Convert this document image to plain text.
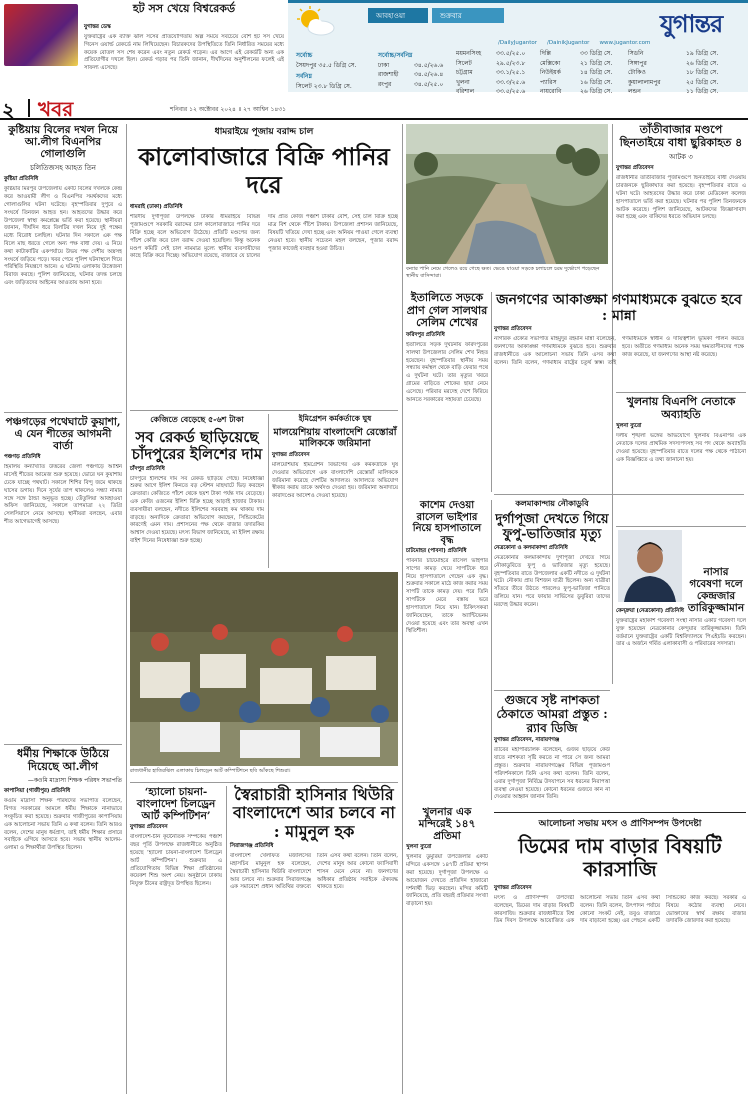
হট সস খেয়ে বিশ্বরেকর্ড
যুগান্তর ডেস্ক
যুক্তরাষ্ট্রের এক ব্যক্তি ঝাল সসের প্রতিযোগিতায় অল্প সময়ে সবচেয়ে বেশি হট সস খেয়ে গিনেস ওয়ার্ল্ড রেকর্ডে নাম লিখিয়েছেন। বিচারকদের উপস্থিতিতে তিনি নির্ধারিত সময়ের মধ্যে কয়েক বোতল সস শেষ করেন এবং নতুন রেকর্ড গড়েন। এর আগে এই রেকর্ডটি অন্য এক প্রতিযোগীর দখলে ছিল। রেকর্ড গড়ার পর তিনি জানান, দীর্ঘদিনের অনুশীলনের ফলেই এই সাফল্য এসেছে।
আবহাওয়া	শুক্রবার	যুগান্তর
/DailyJugantor /DainikJugantor www.jugantor.com
সর্বোচ্চ
সৈয়দপুর ৩৫.৫ ডিগ্রি সে.
সর্বনিম্ন
সিলেট ২৩.৮ ডিগ্রি সে.
সর্বোচ্চ/সর্বনিম্ন
ঢাকা	৩৪.৫/২৬.৬
রাজশাহী	৩৪.৫/২৬.৪
রংপুর	৩৪.৫/২৫.০
ময়মনসিংহ	৩৩.৫/২৫.০
সিলেট	২৯.৫/২৩.৮
চট্টগ্রাম	৩৩.১/২৫.১
খুলনা	৩৩.৩/২৫.৬
বরিশাল	৩৩.৫/২৫.৬
দিল্লি	৩৩ ডিগ্রি সে.
মেক্সিকো	২১ ডিগ্রি সে.
নিউইয়র্ক	১৪ ডিগ্রি সে.
প্যারিস	১৬ ডিগ্রি সে.
নায়রোবি	২৬ ডিগ্রি সে.
সিডনি	১৯ ডিগ্রি সে.
সিঙ্গাপুর	২৬ ডিগ্রি সে.
টোকিও	১৮ ডিগ্রি সে.
কুয়ালালামপুর	২৫ ডিগ্রি সে.
লন্ডন	১১ ডিগ্রি সে.
২ খবর	শনিবার ১২ অক্টোবর ২০২৪ ॥ ২৭ আশ্বিন ১৪৩১
কুষ্টিয়ায় বিলের দখল নিয়ে আ.লীগ বিএনপির গোলাগুলি
চলিতিজসহ আহত তিন
কুষ্টিয়া প্রতিনিধি
কুষ্টিয়ার মিরপুর উপজেলায় একটি বিলের দখলকে কেন্দ্র করে আওয়ামী লীগ ও বিএনপির সমর্থকদের মধ্যে গোলাগুলির ঘটনা ঘটেছে। বৃহস্পতিবার দুপুরে এ সংঘর্ষে তিনজন আহত হন। আহতদের উদ্ধার করে উপজেলা স্বাস্থ্য কমপ্লেক্সে ভর্তি করা হয়েছে। স্থানীয়রা জানান, দীর্ঘদিন ধরে বিলটির দখল নিয়ে দুই পক্ষের মধ্যে বিরোধ চলছিল। ঘটনার দিন সকালে এক পক্ষ বিলে মাছ ধরতে গেলে অন্য পক্ষ বাধা দেয়। এ নিয়ে কথা কাটাকাটির একপর্যায়ে উভয় পক্ষ দেশীয় অস্ত্রসহ সংঘর্ষে জড়িয়ে পড়ে। খবর পেয়ে পুলিশ ঘটনাস্থলে গিয়ে পরিস্থিতি নিয়ন্ত্রণে আনে। এ ঘটনায় এলাকায় উত্তেজনা বিরাজ করছে। পুলিশ জানিয়েছে, ঘটনার তদন্ত চলছে এবং জড়িতদের আইনের আওতায় আনা হবে।
পঞ্চগড়ের পথেঘাটে কুয়াশা, এ যেন শীতের আগমনী বার্তা
পঞ্চগড় প্রতিনিধি
হিমালয় কন্যাখ্যাত উত্তরের জেলা পঞ্চগড়ে আশ্বিন মাসেই শীতের আমেজ শুরু হয়েছে। ভোরে ঘন কুয়াশায় ঢেকে যাচ্ছে পথঘাট। সকালে শিশির বিন্দু জমে থাকছে ঘাসের ডগায়। দিনে সূর্যের তাপ থাকলেও সন্ধ্যা নামার সঙ্গে সঙ্গে ঠান্ডা অনুভূত হচ্ছে। তেঁতুলিয়া আবহাওয়া অফিস জানিয়েছে, সকালে তাপমাত্রা ২২ ডিগ্রি সেলসিয়াসে নেমে আসছে। স্থানীয়রা বলছেন, এবার শীত আগেভাগেই আসছে।
ধর্মীয় শিক্ষাকে উঠিয়ে দিয়েছে আ.লীগ
—কওমি মাদ্রাসা শিক্ষক পরিষদ সভাপতি
কাপাসিয়া (গাজীপুর) প্রতিনিধি
কওমি মাদ্রাসা শিক্ষক পরিষদের সভাপতি বলেছেন, বিগত সরকারের আমলে ধর্মীয় শিক্ষাকে নানাভাবে সংকুচিত করা হয়েছে। শুক্রবার গাজীপুরের কাপাসিয়ায় এক আলোচনা সভায় তিনি এ কথা বলেন। তিনি আরও বলেন, দেশের মানুষ ধর্মপ্রাণ, তাই ধর্মীয় শিক্ষার প্রসারে সবাইকে এগিয়ে আসতে হবে। সভায় স্থানীয় আলেম-ওলামা ও শিক্ষার্থীরা উপস্থিত ছিলেন।
ধামরাইয়ে পূজায় বরাদ্দ চাল
কালোবাজারে বিক্রি পানির দরে
ধামরাই (ঢাকা) প্রতিনিধি
শারদীয় দুর্গাপূজা উপলক্ষে ঢাকার ধামরাইয়ে বিভিন্ন পূজামণ্ডপে সরকারি বরাদ্দের চাল কালোবাজারে পানির দরে বিক্রি হচ্ছে বলে অভিযোগ উঠেছে। প্রতিটি মণ্ডপের জন্য পাঁচশ কেজি করে চাল বরাদ্দ দেওয়া হয়েছিল। কিন্তু অনেক মণ্ডপ কমিটি সেই চাল নামমাত্র মূল্যে স্থানীয় ব্যবসায়ীদের কাছে বিক্রি করে দিচ্ছে। অভিযোগ রয়েছে, বাজারে যে চালের দাম প্রতি কেজি পঞ্চাশ টাকার বেশি, সেই চাল বিক্রি হচ্ছে মাত্র বিশ থেকে পঁচিশ টাকায়। উপজেলা প্রশাসন জানিয়েছে, বিষয়টি খতিয়ে দেখা হচ্ছে এবং অনিয়ম পাওয়া গেলে ব্যবস্থা নেওয়া হবে। স্থানীয় সচেতন মহল বলছেন, পূজার বরাদ্দ পূজার কাজেই ব্যবহার হওয়া উচিত।
কেজিতে বেড়েছে ৫-৬শ টাকা
সব রেকর্ড ছাড়িয়েছে চাঁদপুরের ইলিশের দাম
চাঁদপুর প্রতিনিধি
চাঁদপুরে ইলিশের দাম সব রেকর্ড ছাড়িয়ে গেছে। নিষেধাজ্ঞা শুরুর আগে ইলিশ কিনতে বড় স্টেশন মাছঘাটে ভিড় করছেন ক্রেতারা। কেজিতে পাঁচশ থেকে ছয়শ টাকা পর্যন্ত দাম বেড়েছে। এক কেজি ওজনের ইলিশ বিক্রি হচ্ছে আড়াই হাজার টাকায়। ব্যবসায়ীরা বলছেন, নদীতে ইলিশের সরবরাহ কম থাকায় দাম বাড়ছে। অন্যদিকে ক্রেতারা অভিযোগ করছেন, সিন্ডিকেটের কারণেই এমন দাম। প্রশাসনের পক্ষ থেকে বাজার তদারকির আশ্বাস দেওয়া হয়েছে। মৎস্য বিভাগ জানিয়েছে, মা ইলিশ রক্ষায় বাইশ দিনের নিষেধাজ্ঞা শুরু হচ্ছে।
ইমিগ্রেশন কর্মকর্তাকে ঘুষ
মালয়েশিয়ায় বাংলাদেশি রেস্তোরাঁ মালিককে জরিমানা
যুগান্তর প্রতিবেদন
মালয়েশিয়ায় ইমিগ্রেশন বিভাগের এক কর্মকর্তাকে ঘুষ দেওয়ার অভিযোগে এক বাংলাদেশি রেস্তোরাঁ মালিককে জরিমানা করেছে দেশটির আদালত। আদালতে অভিযোগ স্বীকার করায় তাকে অর্থদণ্ড দেওয়া হয়। জরিমানা অনাদায়ে কারাদণ্ডের আদেশও দেওয়া হয়েছে।
রাজধানীর হাতিরঝিল এলাকায় চিলড্রেন আর্ট কম্পিটিশনে ছবি আঁকছে শিশুরা।
‘হ্যালো চায়না-বাংলাদেশ চিলড্রেন আর্ট কম্পিটিশন’
যুগান্তর প্রতিবেদন
বাংলাদেশ-চীন কূটনৈতিক সম্পর্কের পঞ্চাশ বছর পূর্তি উপলক্ষে রাজধানীতে অনুষ্ঠিত হয়েছে ‘হ্যালো চায়না-বাংলাদেশ চিলড্রেন আর্ট কম্পিটিশন’। শুক্রবার এ প্রতিযোগিতায় বিভিন্ন শিক্ষা প্রতিষ্ঠানের কয়েকশ শিশু অংশ নেয়। অনুষ্ঠানে ঢাকায় নিযুক্ত চীনের রাষ্ট্রদূত উপস্থিত ছিলেন।
স্বৈরাচারী হাসিনার থিউরি বাংলাদেশে আর চলবে না : মামুনুল হক
সিরাজগঞ্জ প্রতিনিধি
বাংলাদেশ খেলাফত মজলিসের মহাসচিব মামুনুল হক বলেছেন, স্বৈরাচারী হাসিনার থিউরি বাংলাদেশে আর চলবে না। শুক্রবার সিরাজগঞ্জে এক সমাবেশে প্রধান অতিথির বক্তব্যে তিনি এসব কথা বলেন। তিনি বলেন, দেশের মানুষ আর কোনো ফ্যাসিবাদী শাসন মেনে নেবে না। জনগণের অধিকার প্রতিষ্ঠায় সবাইকে ঐক্যবদ্ধ থাকতে হবে।
বন্যার পানি নেমে গেলেও রয়ে গেছে ক্ষত। ভেঙে যাওয়া সড়কে চলাচলে চরম দুর্ভোগে পড়েছেন স্থানীয় বাসিন্দারা।
ইতালিতে সড়কে প্রাণ গেল সালথার সেলিম শেখের
ফরিদপুর প্রতিনিধি
ইতালিতে সড়ক দুর্ঘটনায় ফরিদপুরের সালথা উপজেলার সেলিম শেখ নিহত হয়েছেন। বৃহস্পতিবার স্থানীয় সময় সন্ধ্যায় কর্মস্থল থেকে বাড়ি ফেরার পথে এ দুর্ঘটনা ঘটে। তার মৃত্যুর খবরে গ্রামের বাড়িতে শোকের ছায়া নেমে এসেছে। পরিবার মরদেহ দেশে ফিরিয়ে আনতে সরকারের সহায়তা চেয়েছে।
জনগণের আকাঙ্ক্ষা গণমাধ্যমকে বুঝতে হবে : মান্না
যুগান্তর প্রতিবেদন
নাগরিক ঐক্যের সভাপতি মাহমুদুর রহমান মান্না বলেছেন, জনগণের আকাঙ্ক্ষা গণমাধ্যমকে বুঝতে হবে। শুক্রবার রাজধানীতে এক আলোচনা সভায় তিনি এসব কথা বলেন। তিনি বলেন, গণমাধ্যম রাষ্ট্রের চতুর্থ স্তম্ভ। তাই গণমাধ্যমকে স্বাধীন ও দায়িত্বশীল ভূমিকা পালন করতে হবে। অতীতে গণমাধ্যম অনেক সময় ক্ষমতাসীনদের পক্ষে কাজ করেছে, যা জনগণের আস্থা নষ্ট করেছে।
কাশেম দেওয়া রাসেল ভাইপার নিয়ে হাসপাতালে বৃদ্ধ
চাটমোহর (পাবনা) প্রতিনিধি
পাবনার চাটমোহরে রাসেল ভাইপার সাপের কামড় খেয়ে সাপটিকে ধরে নিয়ে হাসপাতালে গেছেন এক বৃদ্ধ। শুক্রবার সকালে মাঠে কাজ করার সময় সাপটি তাকে কামড় দেয়। পরে তিনি সাপটিকে মেরে বস্তায় ভরে হাসপাতালে নিয়ে যান। চিকিৎসকরা জানিয়েছেন, তাকে অ্যান্টিভেনম দেওয়া হয়েছে এবং তার অবস্থা এখন স্থিতিশীল।
কলমাকান্দায় নৌকাডুবি
দুর্গাপূজা দেখতে গিয়ে ফুপু-ভাতিজার মৃত্যু
নেত্রকোনা ও কলমাকান্দা প্রতিনিধি
নেত্রকোনার কলমাকান্দায় দুর্গাপূজা দেখতে গিয়ে নৌকাডুবিতে ফুপু ও ভাতিজার মৃত্যু হয়েছে। বৃহস্পতিবার রাতে উপজেলার একটি নদীতে এ দুর্ঘটনা ঘটে। নৌকায় প্রায় বিশজন যাত্রী ছিলেন। অন্য যাত্রীরা সাঁতরে তীরে উঠতে পারলেও ফুপু-ভাতিজা পানিতে তলিয়ে যান। পরে ফায়ার সার্ভিসের ডুবুরিরা তাদের মরদেহ উদ্ধার করেন।
গুজবে সৃষ্ট নাশকতা ঠেকাতে আমরা প্রস্তুত : র‌্যাব ডিজি
যুগান্তর প্রতিবেদন, নারায়ণগঞ্জ
র‌্যাবের মহাপরিচালক বলেছেন, গুজব ছড়িয়ে কেউ যাতে নাশকতা সৃষ্টি করতে না পারে সে জন্য আমরা প্রস্তুত। শুক্রবার নারায়ণগঞ্জের বিভিন্ন পূজামণ্ডপ পরিদর্শনকালে তিনি এসব কথা বলেন। তিনি বলেন, এবার দুর্গাপূজা নির্বিঘ্নে উদযাপনে সব ধরনের নিরাপত্তা ব্যবস্থা নেওয়া হয়েছে। কোনো ধরনের গুজবে কান না দেওয়ার আহ্বান জানান তিনি।
খুলনার এক মন্দিরেই ১৪৭ প্রতিমা
খুলনা ব্যুরো
খুলনার ডুমুরিয়া উপজেলার একটি মন্দিরে একসঙ্গে ১৪৭টি প্রতিমা স্থাপন করা হয়েছে। দুর্গাপূজা উপলক্ষে এ আয়োজন দেখতে প্রতিদিন হাজারো দর্শনার্থী ভিড় করছেন। মন্দির কমিটি জানিয়েছে, প্রতি বছরই প্রতিমার সংখ্যা বাড়ানো হয়।
তাঁতীবাজার মণ্ডপে ছিনতাইয়ে বাধা ছুরিকাহত ৪
আটক ৩
যুগান্তর প্রতিবেদন
রাজধানীর তাঁতীবাজার পূজামণ্ডপে ছিনতাইয়ে বাধা দেওয়ায় চারজনকে ছুরিকাঘাত করা হয়েছে। বৃহস্পতিবার রাতে এ ঘটনা ঘটে। আহতদের উদ্ধার করে ঢাকা মেডিকেল কলেজ হাসপাতালে ভর্তি করা হয়েছে। ঘটনার পর পুলিশ তিনজনকে আটক করেছে। পুলিশ জানিয়েছে, আটকদের জিজ্ঞাসাবাদ করা হচ্ছে এবং বাকিদের ধরতে অভিযান চলছে।
খুলনায় বিএনপি নেতাকে অব্যাহতি
খুলনা ব্যুরো
দলীয় শৃঙ্খলা ভঙ্গের অভিযোগে খুলনায় বিএনপির এক নেতাকে দলের প্রাথমিক সদস্যপদসহ সব পদ থেকে অব্যাহতি দেওয়া হয়েছে। বৃহস্পতিবার রাতে দলের পক্ষ থেকে পাঠানো এক বিজ্ঞপ্তিতে এ তথ্য জানানো হয়।
নাসার গবেষণা দলে কেন্দ্রজার তারিকুজ্জামান
কেন্দ্রুয়া (নেত্রকোনা) প্রতিনিধি
যুক্তরাষ্ট্রের মহাকাশ গবেষণা সংস্থা নাসার একটি গবেষণা দলে যুক্ত হয়েছেন নেত্রকোনার কেন্দুয়ার তারিকুজ্জামান। তিনি বর্তমানে যুক্তরাষ্ট্রের একটি বিশ্ববিদ্যালয়ে পিএইচডি করছেন। তার এ অর্জনে গর্বিত এলাকাবাসী ও পরিবারের সদস্যরা।
আলোচনা সভায় মৎস ও প্রাণিসম্পদ উপদেষ্টা
ডিমের দাম বাড়ার বিষয়টি কারসাজি
যুগান্তর প্রতিবেদন
মৎস্য ও প্রাণিসম্পদ উপদেষ্টা বলেছেন, ডিমের দাম বাড়ার বিষয়টি কারসাজি। শুক্রবার রাজধানীতে বিশ্ব ডিম দিবস উপলক্ষে আয়োজিত এক আলোচনা সভায় তিনি এসব কথা বলেন। তিনি বলেন, উৎপাদন পর্যায়ে কোনো সংকট নেই, তবুও বাজারে দাম বাড়ানো হচ্ছে। এর পেছনে একটি সিন্ডিকেট কাজ করছে। সরকার এ বিষয়ে কঠোর ব্যবস্থা নেবে। ভোক্তাদের স্বার্থ রক্ষায় বাজার তদারকি জোরদার করা হয়েছে।
